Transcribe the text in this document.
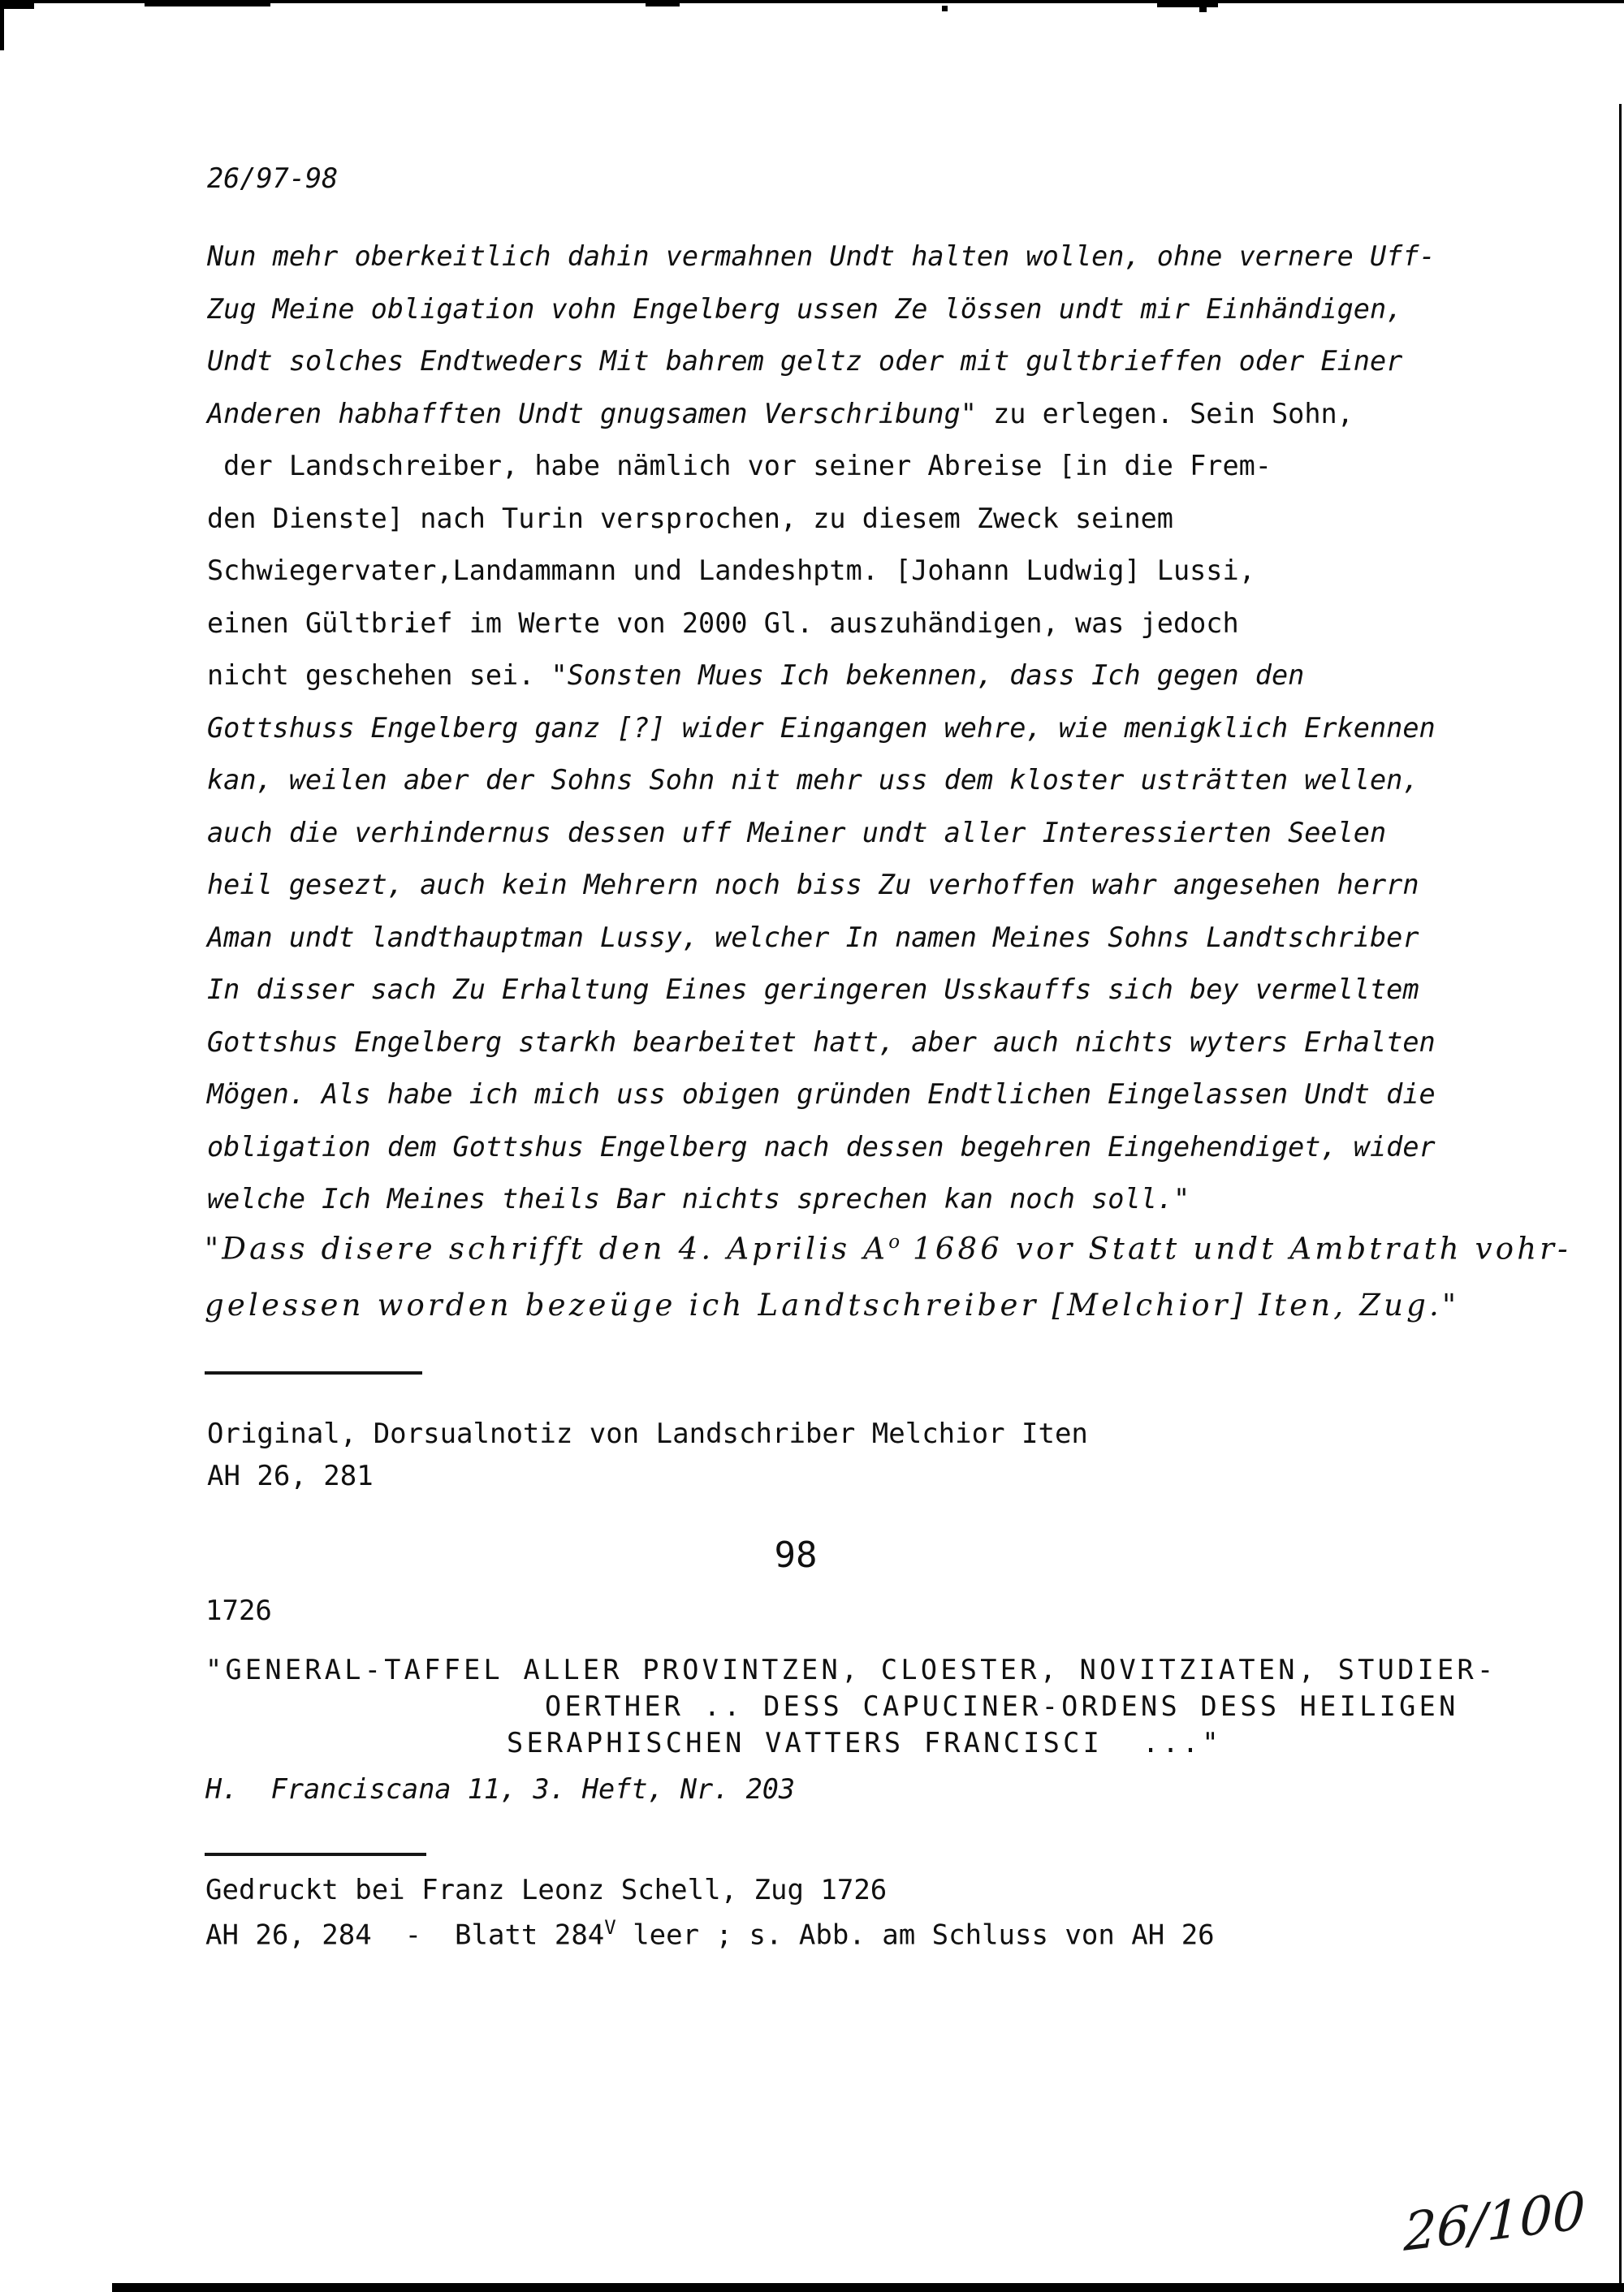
26/97-98
Nun mehr oberkeitlich dahin vermahnen Undt halten wollen, ohne vernere Uff-
Zug Meine obligation vohn Engelberg ussen Ze lössen undt mir Einhändigen,
Undt solches Endtweders Mit bahrem geltz oder mit gultbrieffen oder Einer
Anderen habhafften Undt gnugsamen Verschribung" zu erlegen. Sein Sohn,
der Landschreiber, habe nämlich vor seiner Abreise [in die Frem-
den Dienste] nach Turin versprochen, zu diesem Zweck seinem
Schwiegervater,Landammann und Landeshptm. [Johann Ludwig] Lussi,
einen Gültbrief im Werte von 2000 Gl. auszuhändigen, was jedoch
nicht geschehen sei. "Sonsten Mues Ich bekennen, dass Ich gegen den
Gottshuss Engelberg ganz [?] wider Eingangen wehre, wie menigklich Erkennen
kan, weilen aber der Sohns Sohn nit mehr uss dem kloster usträtten wellen,
auch die verhindernus dessen uff Meiner undt aller Interessierten Seelen
heil gesezt, auch kein Mehrern noch biss Zu verhoffen wahr angesehen herrn
Aman undt landthauptman Lussy, welcher In namen Meines Sohns Landtschriber
In disser sach Zu Erhaltung Eines geringeren Usskauffs sich bey vermelltem
Gottshus Engelberg starkh bearbeitet hatt, aber auch nichts wyters Erhalten
Mögen. Als habe ich mich uss obigen gründen Endtlichen Eingelassen Undt die
obligation dem Gottshus Engelberg nach dessen begehren Eingehendiget, wider
welche Ich Meines theils Bar nichts sprechen kan noch soll."
"Dass disere schrifft den 4. Aprilis $A^o$ 1686 vor Statt undt Ambtrath vohr-
gelessen worden bezeüge ich Landtschreiber [Melchior] Iten, Zug."
Original, Dorsualnotiz von Landschriber Melchior Iten
AH 26, 281
98
1726
"GENERAL-TAFFEL ALLER PROVINTZEN, CLOESTER, NOVITZIATEN, STUDIER-
OERTHER .. DESS CAPUCINER-ORDENS DESS HEILIGEN
SERAPHISCHEN VATTERS FRANCISCI  ..."
H.  Franciscana 11, 3. Heft, Nr. 203
Gedruckt bei Franz Leonz Schell, Zug 1726
AH 26, 284  -  Blatt $284^V$ leer ; s. Abb. am Schluss von AH 26
26/100
